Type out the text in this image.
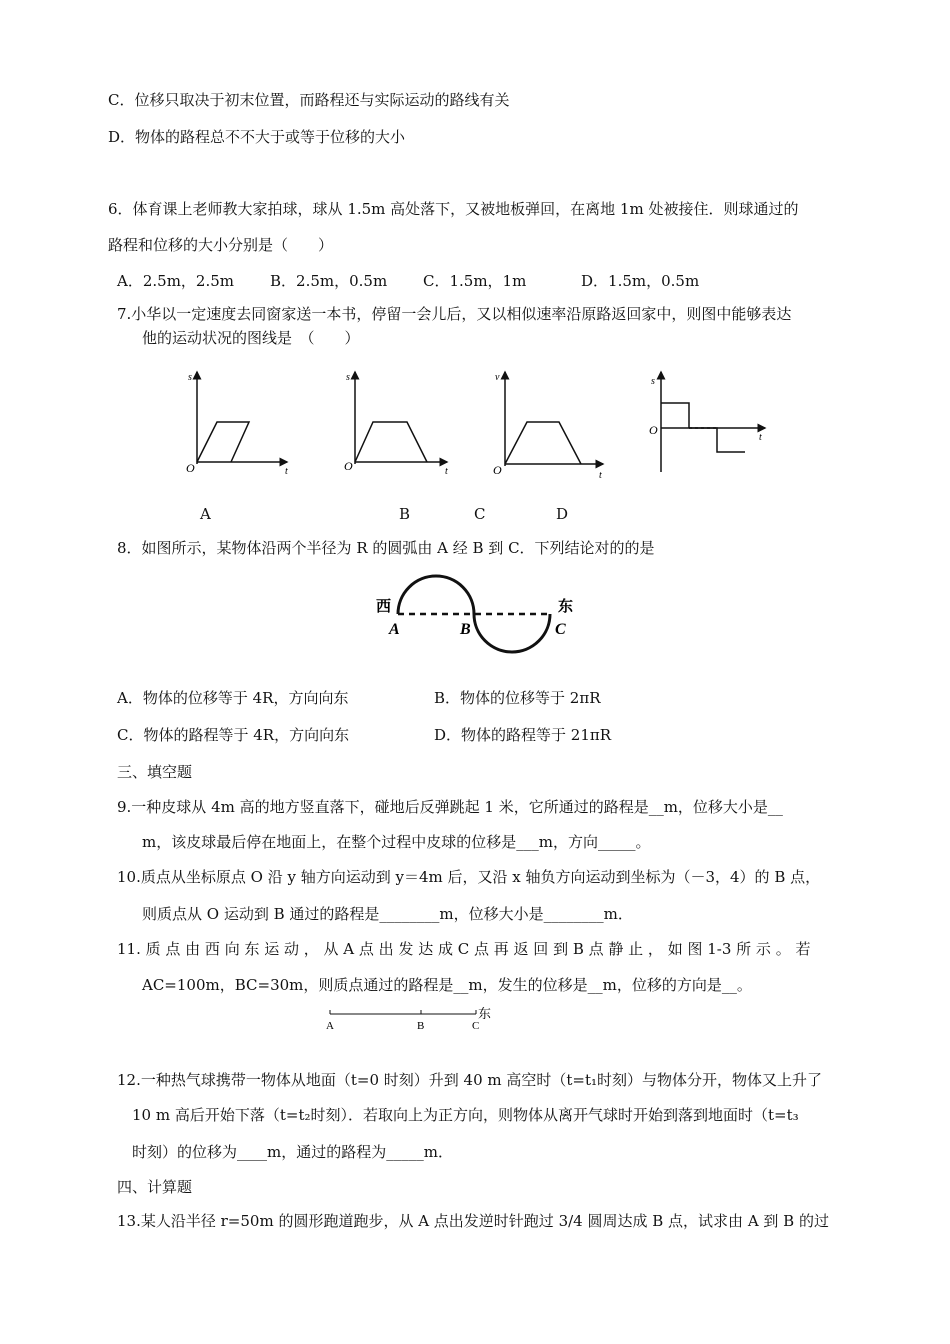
C．位移只取决于初末位置，而路程还与实际运动的路线有关
D．物体的路程总不不大于或等于位移的大小
6．体育课上老师教大家拍球，球从 1.5m 高处落下，又被地板弹回，在离地 1m 处被接住．则球通过的
路程和位移的大小分别是（　　）
A．2.5m，2.5m B．2.5m，0.5m C．1.5m，1m	D．1.5m，0.5m
7.小华以一定速度去同窗家送一本书，停留一会儿后，又以相似速率沿原路返回家中，则图中能够表达
他的运动状况的图线是　（　　）
s
t
O
s
t
O
v
t
O
s
t
O
A	B	C	D
8．如图所示，某物体沿两个半径为 R 的圆弧由 A 经 B 到 C．下列结论对的的是
西	东
A	B	C
A．物体的位移等于 4R，方向向东	B．物体的位移等于 2πR
C．物体的路程等于 4R，方向向东	D．物体的路程等于 21πR
三、填空题
9.一种皮球从 4m 高的地方竖直落下，碰地后反弹跳起 1 米，它所通过的路程是__m，位移大小是__
m，该皮球最后停在地面上，在整个过程中皮球的位移是___m，方向_____。
10.质点从坐标原点 O 沿 y 轴方向运动到 y＝4m 后，又沿 x 轴负方向运动到坐标为（－3，4）的 B 点，
则质点从 O 运动到 B 通过的路程是________m，位移大小是________m．
11. 质 点 由 西 向 东 运 动 ， 从 A 点 出 发 达 成 C 点 再 返 回 到 B 点 静 止 ， 如 图 1-3 所 示 。 若
AC=100m，BC=30m，则质点通过的路程是__m，发生的位移是__m，位移的方向是__。
A	B	C
东
12.一种热气球携带一物体从地面（t=0 时刻）升到 40 m 高空时（t=t₁时刻）与物体分开，物体又上升了
10 m 高后开始下落（t=t₂时刻）．若取向上为正方向，则物体从离开气球时开始到落到地面时（t=t₃
时刻）的位移为____m，通过的路程为_____m．
四、计算题
13.某人沿半径 r=50m 的圆形跑道跑步，从 A 点出发逆时针跑过 3/4 圆周达成 B 点，试求由 A 到 B 的过
